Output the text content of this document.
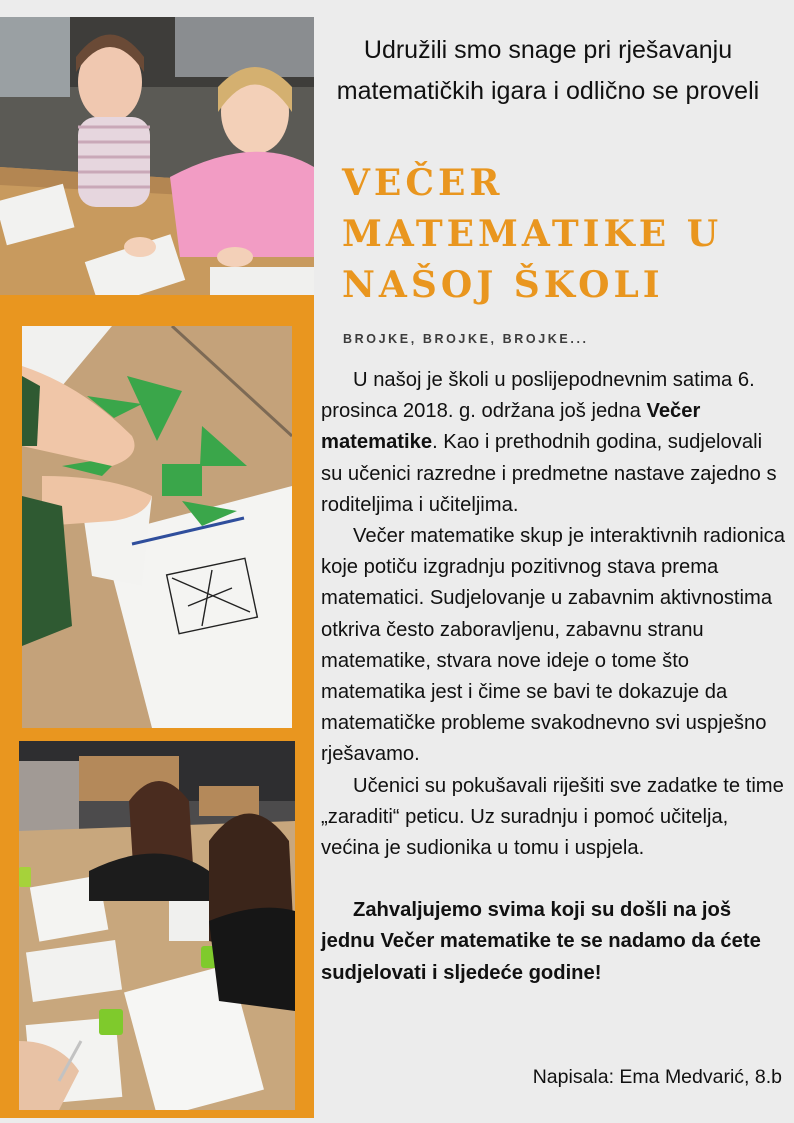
Udružili smo snage pri rješavanju matematičkih igara i odlično se proveli
VEČER
MATEMATIKE U
NAŠOJ ŠKOLI
BROJKE, BROJKE, BROJKE...

U našoj je školi u poslijepodnevnim satima 6. prosinca 2018. g. održana još jedna Večer matematike. Kao i prethodnih godina, sudjelovali su učenici razredne i predmetne nastave zajedno s roditeljima i učiteljima.

Večer matematike skup je interaktivnih radionica koje potiču izgradnju pozitivnog stava prema matematici. Sudjelovanje u zabavnim aktivnostima otkriva često zaboravljenu, zabavnu stranu matematike, stvara nove ideje o tome što matematika jest i čime se bavi te dokazuje da matematičke probleme svakodnevno svi uspješno rješavamo.

Učenici su pokušavali riješiti sve zadatke te time „zaraditi“ peticu. Uz suradnju i pomoć učitelja, većina je sudionika u tomu i uspjela.

Zahvaljujemo svima koji su došli na još jednu Večer matematike te se nadamo da ćete sudjelovati i sljedeće godine!

Napisala: Ema Medvarić, 8.b
